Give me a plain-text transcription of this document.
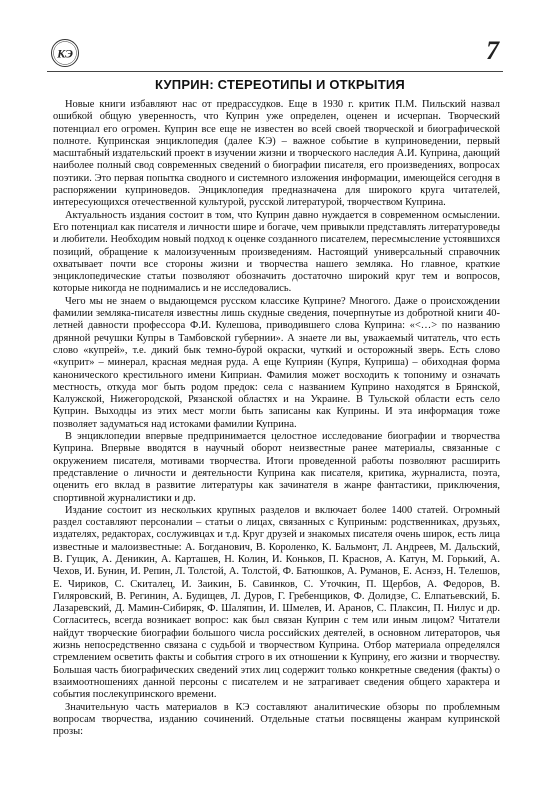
КЭ	7
КУПРИН: СТЕРЕОТИПЫ И ОТКРЫТИЯ

Новые книги избавляют нас от предрассудков. Еще в 1930 г. критик П.М. Пильский назвал ошибкой общую уверенность, что Куприн уже определен, оценен и исчерпан. Творческий потенциал его огромен. Куприн все еще не известен во всей своей творческой и биографической полноте. Купринская энциклопедия (далее КЭ) – важное событие в куприноведении, первый масштабный издательский проект в изучении жизни и творческого наследия А.И. Куприна, дающий наиболее полный свод современных сведений о биографии писателя, его произведениях, вопросах поэтики. Это первая попытка сводного и системного изложения информации, имеющейся сегодня в распоряжении куприноведов. Энциклопедия предназначена для широкого круга читателей, интересующихся отечественной культурой, русской литературой, творчеством Куприна.

Актуальность издания состоит в том, что Куприн давно нуждается в современном осмыслении. Его потенциал как писателя и личности шире и богаче, чем привыкли представлять литературоведы и любители. Необходим новый подход к оценке созданного писателем, пересмысление устоявшихся позиций, обращение к малоизученным произведениям. Настоящий универсальный справочник охватывает почти все стороны жизни и творчества нашего земляка. Но главное, краткие энциклопедические статьи позволяют обозначить достаточно широкий круг тем и вопросов, которые никогда не поднимались и не исследовались.

Чего мы не знаем о выдающемся русском классике Куприне? Многого. Даже о происхождении фамилии земляка-писателя известны лишь скудные сведения, почерпнутые из добротной книги 40-летней давности профессора Ф.И. Кулешова, приводившего слова Куприна: «<…> по названию дрянной речушки Купры в Тамбовской губернии». А знаете ли вы, уважаемый читатель, что есть слово «купрей», т.е. дикий бык темно-бурой окраски, чуткий и осторожный зверь. Есть слово «куприт» – минерал, красная медная руда. А еще Куприян (Купря, Куприша) – обиходная форма канонического крестильного имени Киприан. Фамилия может восходить к топониму и означать местность, откуда мог быть родом предок: села с названием Куприно находятся в Брянской, Калужской, Нижегородской, Рязанской областях и на Украине. В Тульской области есть село Куприн. Выходцы из этих мест могли быть записаны как Куприны. И эта информация тоже позволяет задуматься над истоками фамилии Куприна.

В энциклопедии впервые предпринимается целостное исследование биографии и творчества Куприна. Впервые вводятся в научный оборот неизвестные ранее материалы, связанные с окружением писателя, мотивами творчества. Итоги проведенной работы позволяют расширить представление о личности и деятельности Куприна как писателя, критика, журналиста, поэта, оценить его вклад в развитие литературы как зачинателя в жанре фантастики, приключения, спортивной журналистики и др.

Издание состоит из нескольких крупных разделов и включает более 1400 статей. Огромный раздел составляют персоналии – статьи о лицах, связанных с Куприным: родственниках, друзьях, издателях, редакторах, сослуживцах и т.д. Круг друзей и знакомых писателя очень широк, есть лица известные и малоизвестные: А. Богданович, В. Короленко, К. Бальмонт, Л. Андреев, М. Дальский, В. Гущик, А. Деникин, А. Карташев, Н. Колин, И. Коньков, П. Краснов, А. Катун, М. Горький, А. Чехов, И. Бунин, И. Репин, Л. Толстой, А. Толстой, Ф. Батюшков, А. Руманов, Е. Аснэз, Н. Телешов, Е. Чириков, С. Скиталец, И. Заикин, Б. Савинков, С. Уточкин, П. Щербов, А. Федоров, В. Гиляровский, В. Регинин, А. Будищев, Л. Дуров, Г. Гребенщиков, Ф. Долидзе, С. Елпатьевский, Б. Лазаревский, Д. Мамин-Сибиряк, Ф. Шаляпин, И. Шмелев, И. Аранов, С. Плаксин, П. Нилус и др. Согласитесь, всегда возникает вопрос: как был связан Куприн с тем или иным лицом? Читатели найдут творческие биографии большого числа российских деятелей, в основном литераторов, чья жизнь непосредственно связана с судьбой и творчеством Куприна. Отбор материала определялся стремлением осветить факты и события строго в их отношении к Куприну, его жизни и творчеству. Большая часть биографических сведений этих лиц содержит только конкретные сведения (факты) о взаимоотношениях данной персоны с писателем и не затрагивает сведения общего характера и события послекупринского времени.

Значительную часть материалов в КЭ составляют аналитические обзоры по проблемным вопросам творчества, изданию сочинений. Отдельные статьи посвящены жанрам купринской прозы:
